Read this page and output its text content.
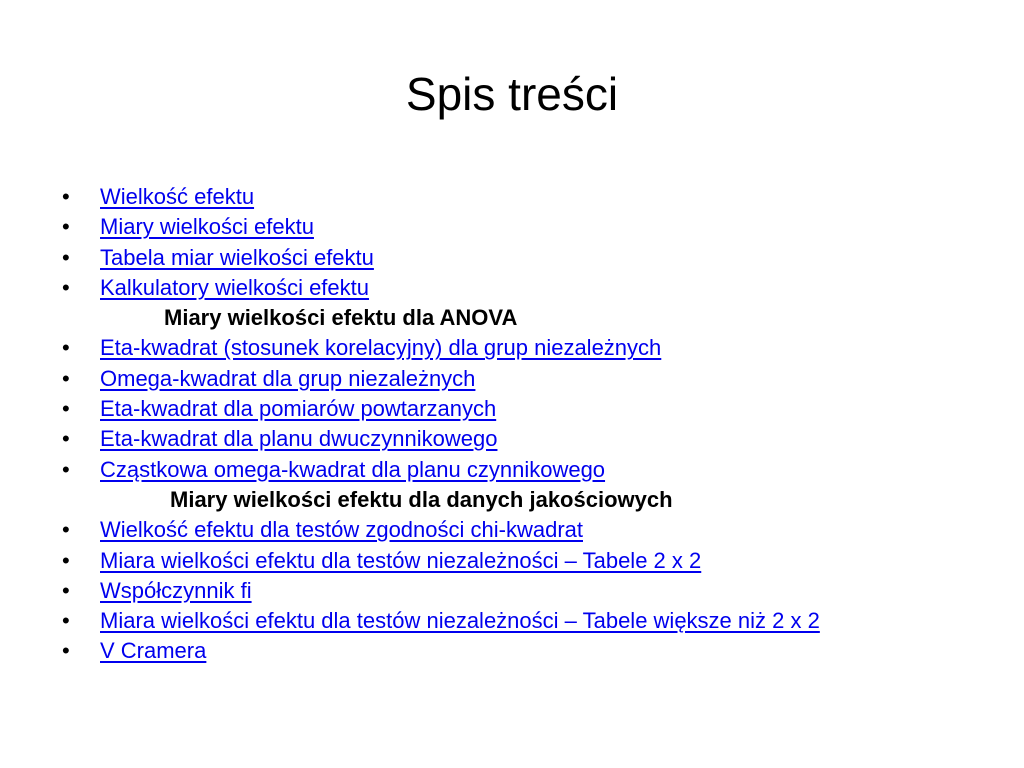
Spis treści
•	Wielkość efektu
•	Miary wielkości efektu
•	Tabela miar wielkości efektu
•	Kalkulatory wielkości efektu
Miary wielkości efektu dla ANOVA
•	Eta-kwadrat (stosunek korelacyjny) dla grup niezależnych
•	Omega-kwadrat dla grup niezależnych
•	Eta-kwadrat dla pomiarów powtarzanych
•	Eta-kwadrat dla planu dwuczynnikowego
•	Cząstkowa omega-kwadrat dla planu czynnikowego
Miary wielkości efektu dla danych jakościowych
•	Wielkość efektu dla testów zgodności chi-kwadrat
•	Miara wielkości efektu dla testów niezależności – Tabele 2 x 2
•	Współczynnik fi
•	Miara wielkości efektu dla testów niezależności – Tabele większe niż 2 x 2
•	V Cramera
